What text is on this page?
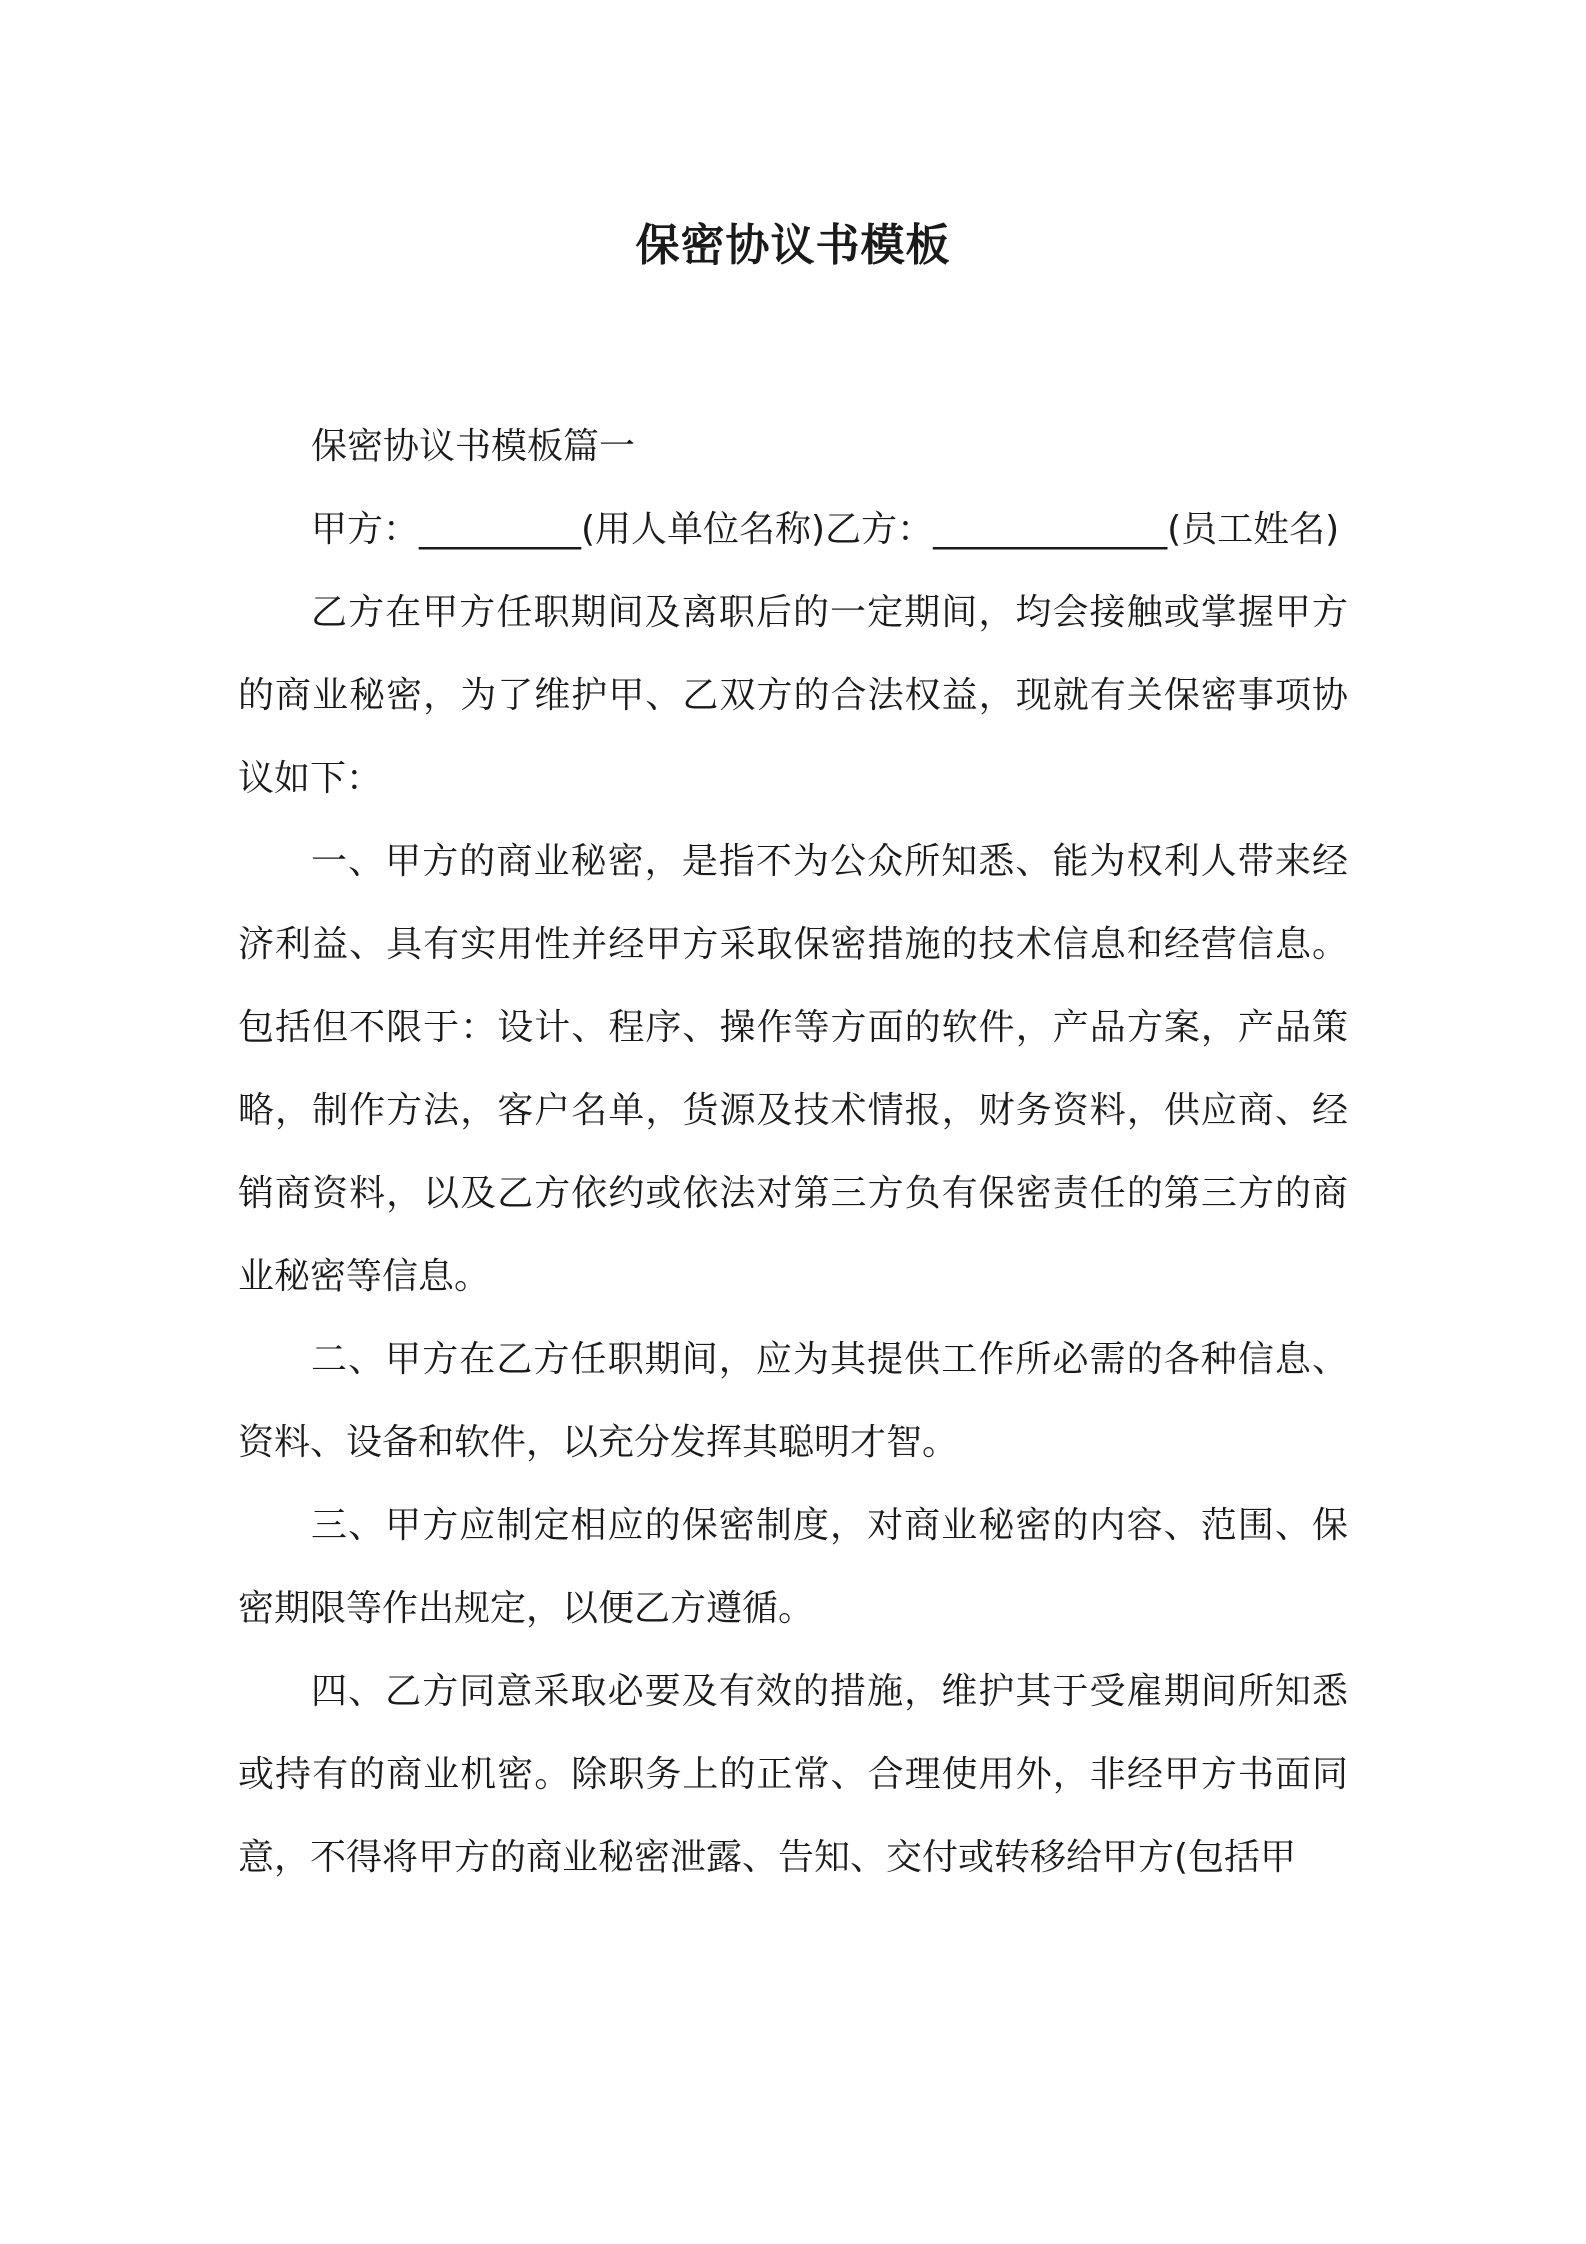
保密协议书模板

保密协议书模板篇一

甲方：_________(用人单位名称)乙方：_____________(员工姓名)

乙方在甲方任职期间及离职后的一定期间，均会接触或掌握甲方的商业秘密，为了维护甲、乙双方的合法权益，现就有关保密事项协议如下：

一、甲方的商业秘密，是指不为公众所知悉、能为权利人带来经济利益、具有实用性并经甲方采取保密措施的技术信息和经营信息。包括但不限于：设计、程序、操作等方面的软件，产品方案，产品策略，制作方法，客户名单，货源及技术情报，财务资料，供应商、经销商资料，以及乙方依约或依法对第三方负有保密责任的第三方的商业秘密等信息。

二、甲方在乙方任职期间，应为其提供工作所必需的各种信息、资料、设备和软件，以充分发挥其聪明才智。

三、甲方应制定相应的保密制度，对商业秘密的内容、范围、保密期限等作出规定，以便乙方遵循。

四、乙方同意采取必要及有效的措施，维护其于受雇期间所知悉或持有的商业机密。除职务上的正常、合理使用外，非经甲方书面同意，不得将甲方的商业秘密泄露、告知、交付或转移给甲方(包括甲
